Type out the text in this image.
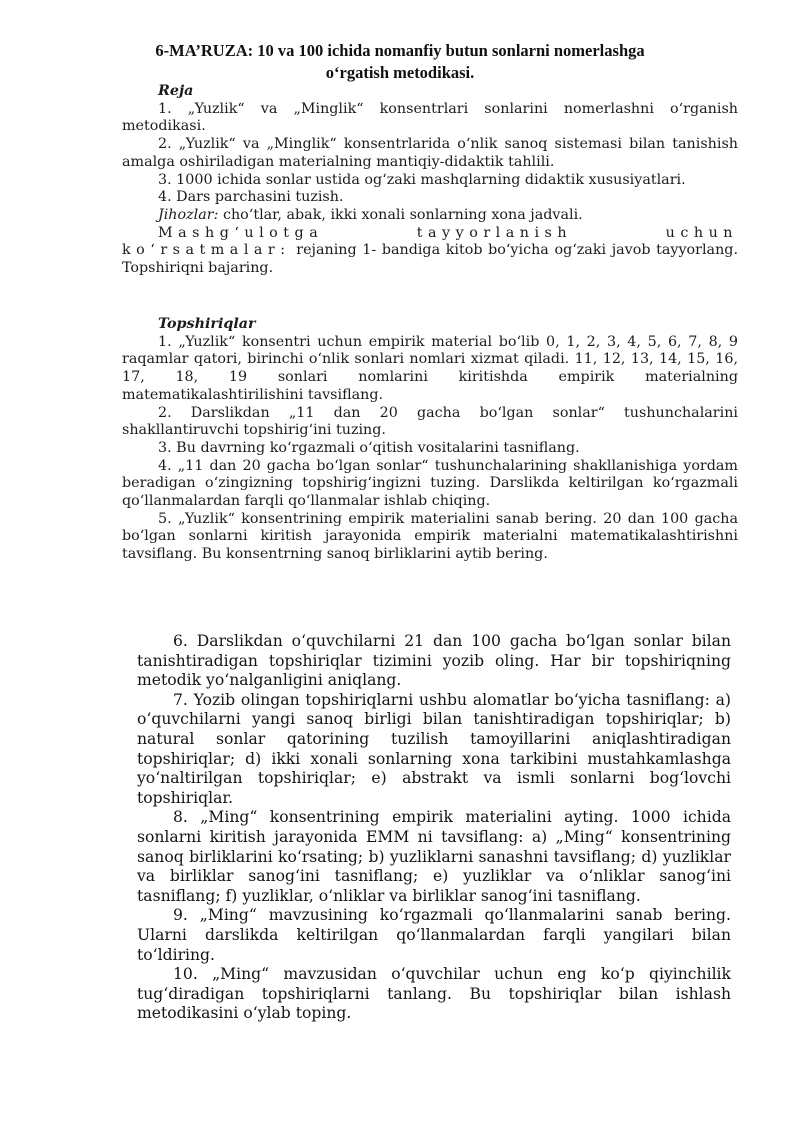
6-MA’RUZA: 10 va 100 ichida nomanfiy butun sonlarni nomerlashga
o‘rgatish metodikasi.

Reja

1. „Yuzlik“ va „Minglik“ konsentrlari sonlarini nomerlashni o‘rganish metodikasi.

2. „Yuzlik“ va „Minglik“ konsentrlarida o‘nlik sanoq sistemasi bilan tanishish amalga oshiriladigan materialning mantiqiy-didaktik tahlili.

3. 1000 ichida sonlar ustida og‘zaki mashqlarning didaktik xususiyatlari.

4. Dars parchasini tuzish.

Jihozlar: cho‘tlar, abak, ikki xonali sonlarning xona jadvali.

Mashg‘ulotga tayyorlanish uchun ko‘rsatmalar: rejaning 1- bandiga kitob bo‘yicha og‘zaki javob tayyorlang. Topshiriqni bajaring.

Topshiriqlar

1. „Yuzlik“ konsentri uchun empirik material bo‘lib 0, 1, 2, 3, 4, 5, 6, 7, 8, 9 raqamlar qatori, birinchi o‘nlik sonlari nomlari xizmat qiladi. 11, 12, 13, 14, 15, 16, 17, 18, 19 sonlari nomlarini kiritishda empirik materialning matematikalashtirilishini tavsiflang.

2. Darslikdan „11 dan 20 gacha bo‘lgan sonlar“ tushunchalarini shakllantiruvchi topshirig‘ini tuzing.

3. Bu davrning ko‘rgazmali o‘qitish vositalarini tasniflang.

4. „11 dan 20 gacha bo‘lgan sonlar“ tushunchalarining shakllanishiga yordam beradigan o‘zingizning topshirig‘ingizni tuzing. Darslikda keltirilgan ko‘rgazmali qo‘llanmalardan farqli qo‘llanmalar ishlab chiqing.

5. „Yuzlik“ konsentrining empirik materialini sanab bering. 20 dan 100 gacha bo‘lgan sonlarni kiritish jarayonida empirik materialni matematikalashtirishni tavsiflang. Bu konsentrning sanoq birliklarini aytib bering.

6. Darslikdan o‘quvchilarni 21 dan 100 gacha bo‘lgan sonlar bilan tanishtiradigan topshiriqlar tizimini yozib oling. Har bir topshiriqning metodik yo‘nalganligini aniqlang.

7. Yozib olingan topshiriqlarni ushbu alomatlar bo‘yicha tasniflang: a) o‘quvchilarni yangi sanoq birligi bilan tanishtiradigan topshiriqlar; b) natural sonlar qatorining tuzilish tamoyillarini aniqlashtiradigan topshiriqlar; d) ikki xonali sonlarning xona tarkibini mustahkamlashga yo‘naltirilgan topshiriqlar; e) abstrakt va ismli sonlarni bog‘lovchi topshiriqlar.

8. „Ming“ konsentrining empirik materialini ayting. 1000 ichida sonlarni kiritish jarayonida EMM ni tavsiflang: a) „Ming“ konsentrining sanoq birliklarini ko‘rsating; b) yuzliklarni sanashni tavsiflang; d) yuzliklar va birliklar sanog‘ini tasniflang; e) yuzliklar va o‘nliklar sanog‘ini tasniflang; f) yuzliklar, o‘nliklar va birliklar sanog‘ini tasniflang.

9. „Ming“ mavzusining ko‘rgazmali qo‘llanmalarini sanab bering. Ularni darslikda keltirilgan qo‘llanmalardan farqli yangilari bilan to‘ldiring.

10. „Ming“ mavzusidan o‘quvchilar uchun eng ko‘p qiyinchilik tug‘diradigan topshiriqlarni tanlang. Bu topshiriqlar bilan ishlash metodikasini o‘ylab toping.
